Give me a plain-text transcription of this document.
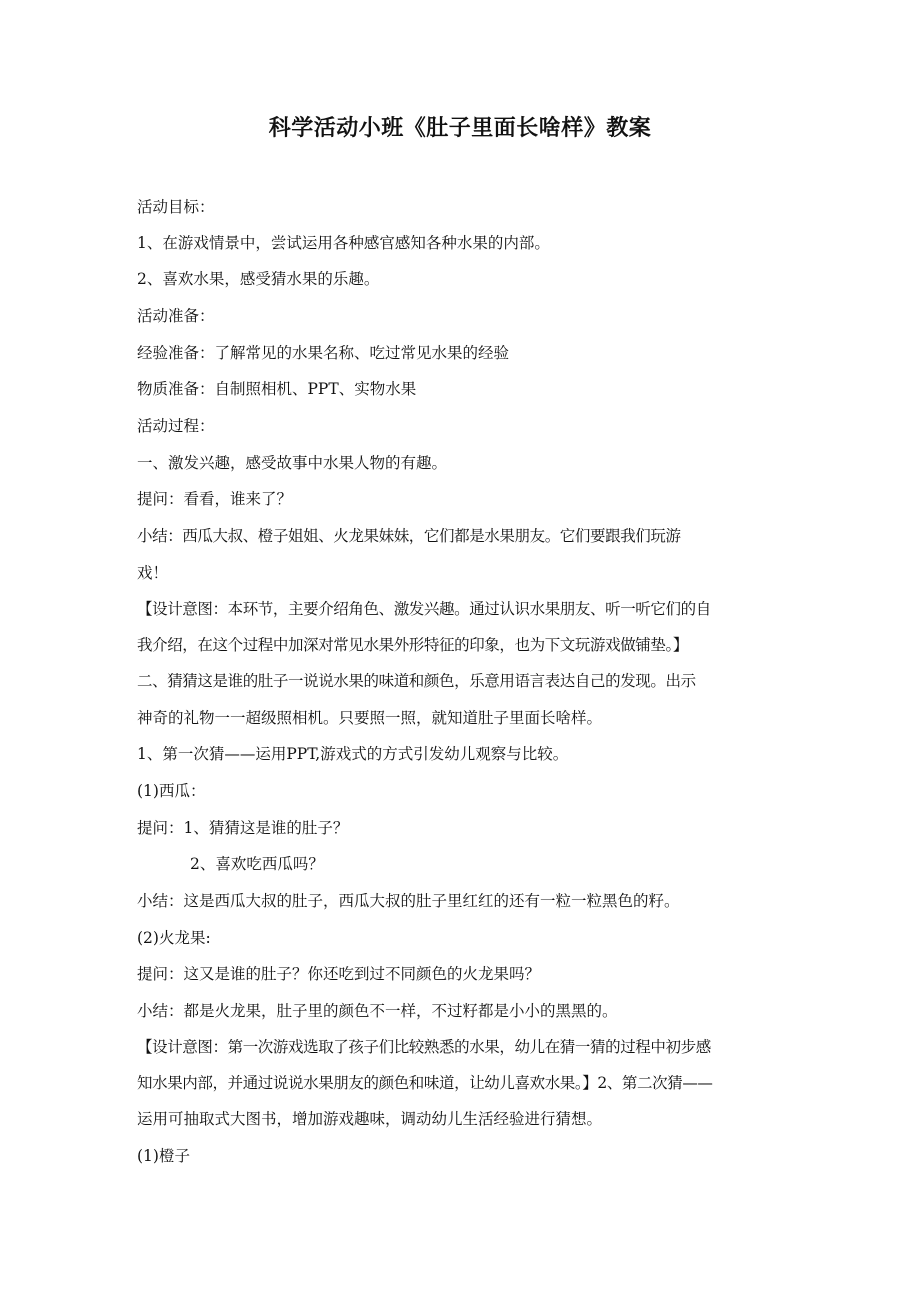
科学活动小班《肚子里面长啥样》教案
活动目标：
1、在游戏情景中，尝试运用各种感官感知各种水果的内部。
2、喜欢水果，感受猜水果的乐趣。
活动准备：
经验准备：了解常见的水果名称、吃过常见水果的经验
物质准备：自制照相机、PPT、实物水果
活动过程：
一、激发兴趣，感受故事中水果人物的有趣。
提问：看看，谁来了？
小结：西瓜大叔、橙子姐姐、火龙果妹妹，它们都是水果朋友。它们要跟我们玩游
戏！
【设计意图：本环节，主要介绍角色、激发兴趣。通过认识水果朋友、听一听它们的自
我介绍，在这个过程中加深对常见水果外形特征的印象，也为下文玩游戏做铺垫。】
二、猜猜这是谁的肚子一说说水果的味道和颜色，乐意用语言表达自己的发现。出示
神奇的礼物一一超级照相机。只要照一照，就知道肚子里面长啥样。
1、第一次猜——运用PPT,游戏式的方式引发幼儿观察与比较。
(1)西瓜：
提问：1、猜猜这是谁的肚子？
2、喜欢吃西瓜吗？
小结：这是西瓜大叔的肚子，西瓜大叔的肚子里红红的还有一粒一粒黑色的籽。
(2)火龙果:
提问：这又是谁的肚子？你还吃到过不同颜色的火龙果吗？
小结：都是火龙果，肚子里的颜色不一样，不过籽都是小小的黑黑的。
【设计意图：第一次游戏选取了孩子们比较熟悉的水果，幼儿在猜一猜的过程中初步感
知水果内部，并通过说说水果朋友的颜色和味道，让幼儿喜欢水果。】2、第二次猜——
运用可抽取式大图书，增加游戏趣味，调动幼儿生活经验进行猜想。
(1)橙子
